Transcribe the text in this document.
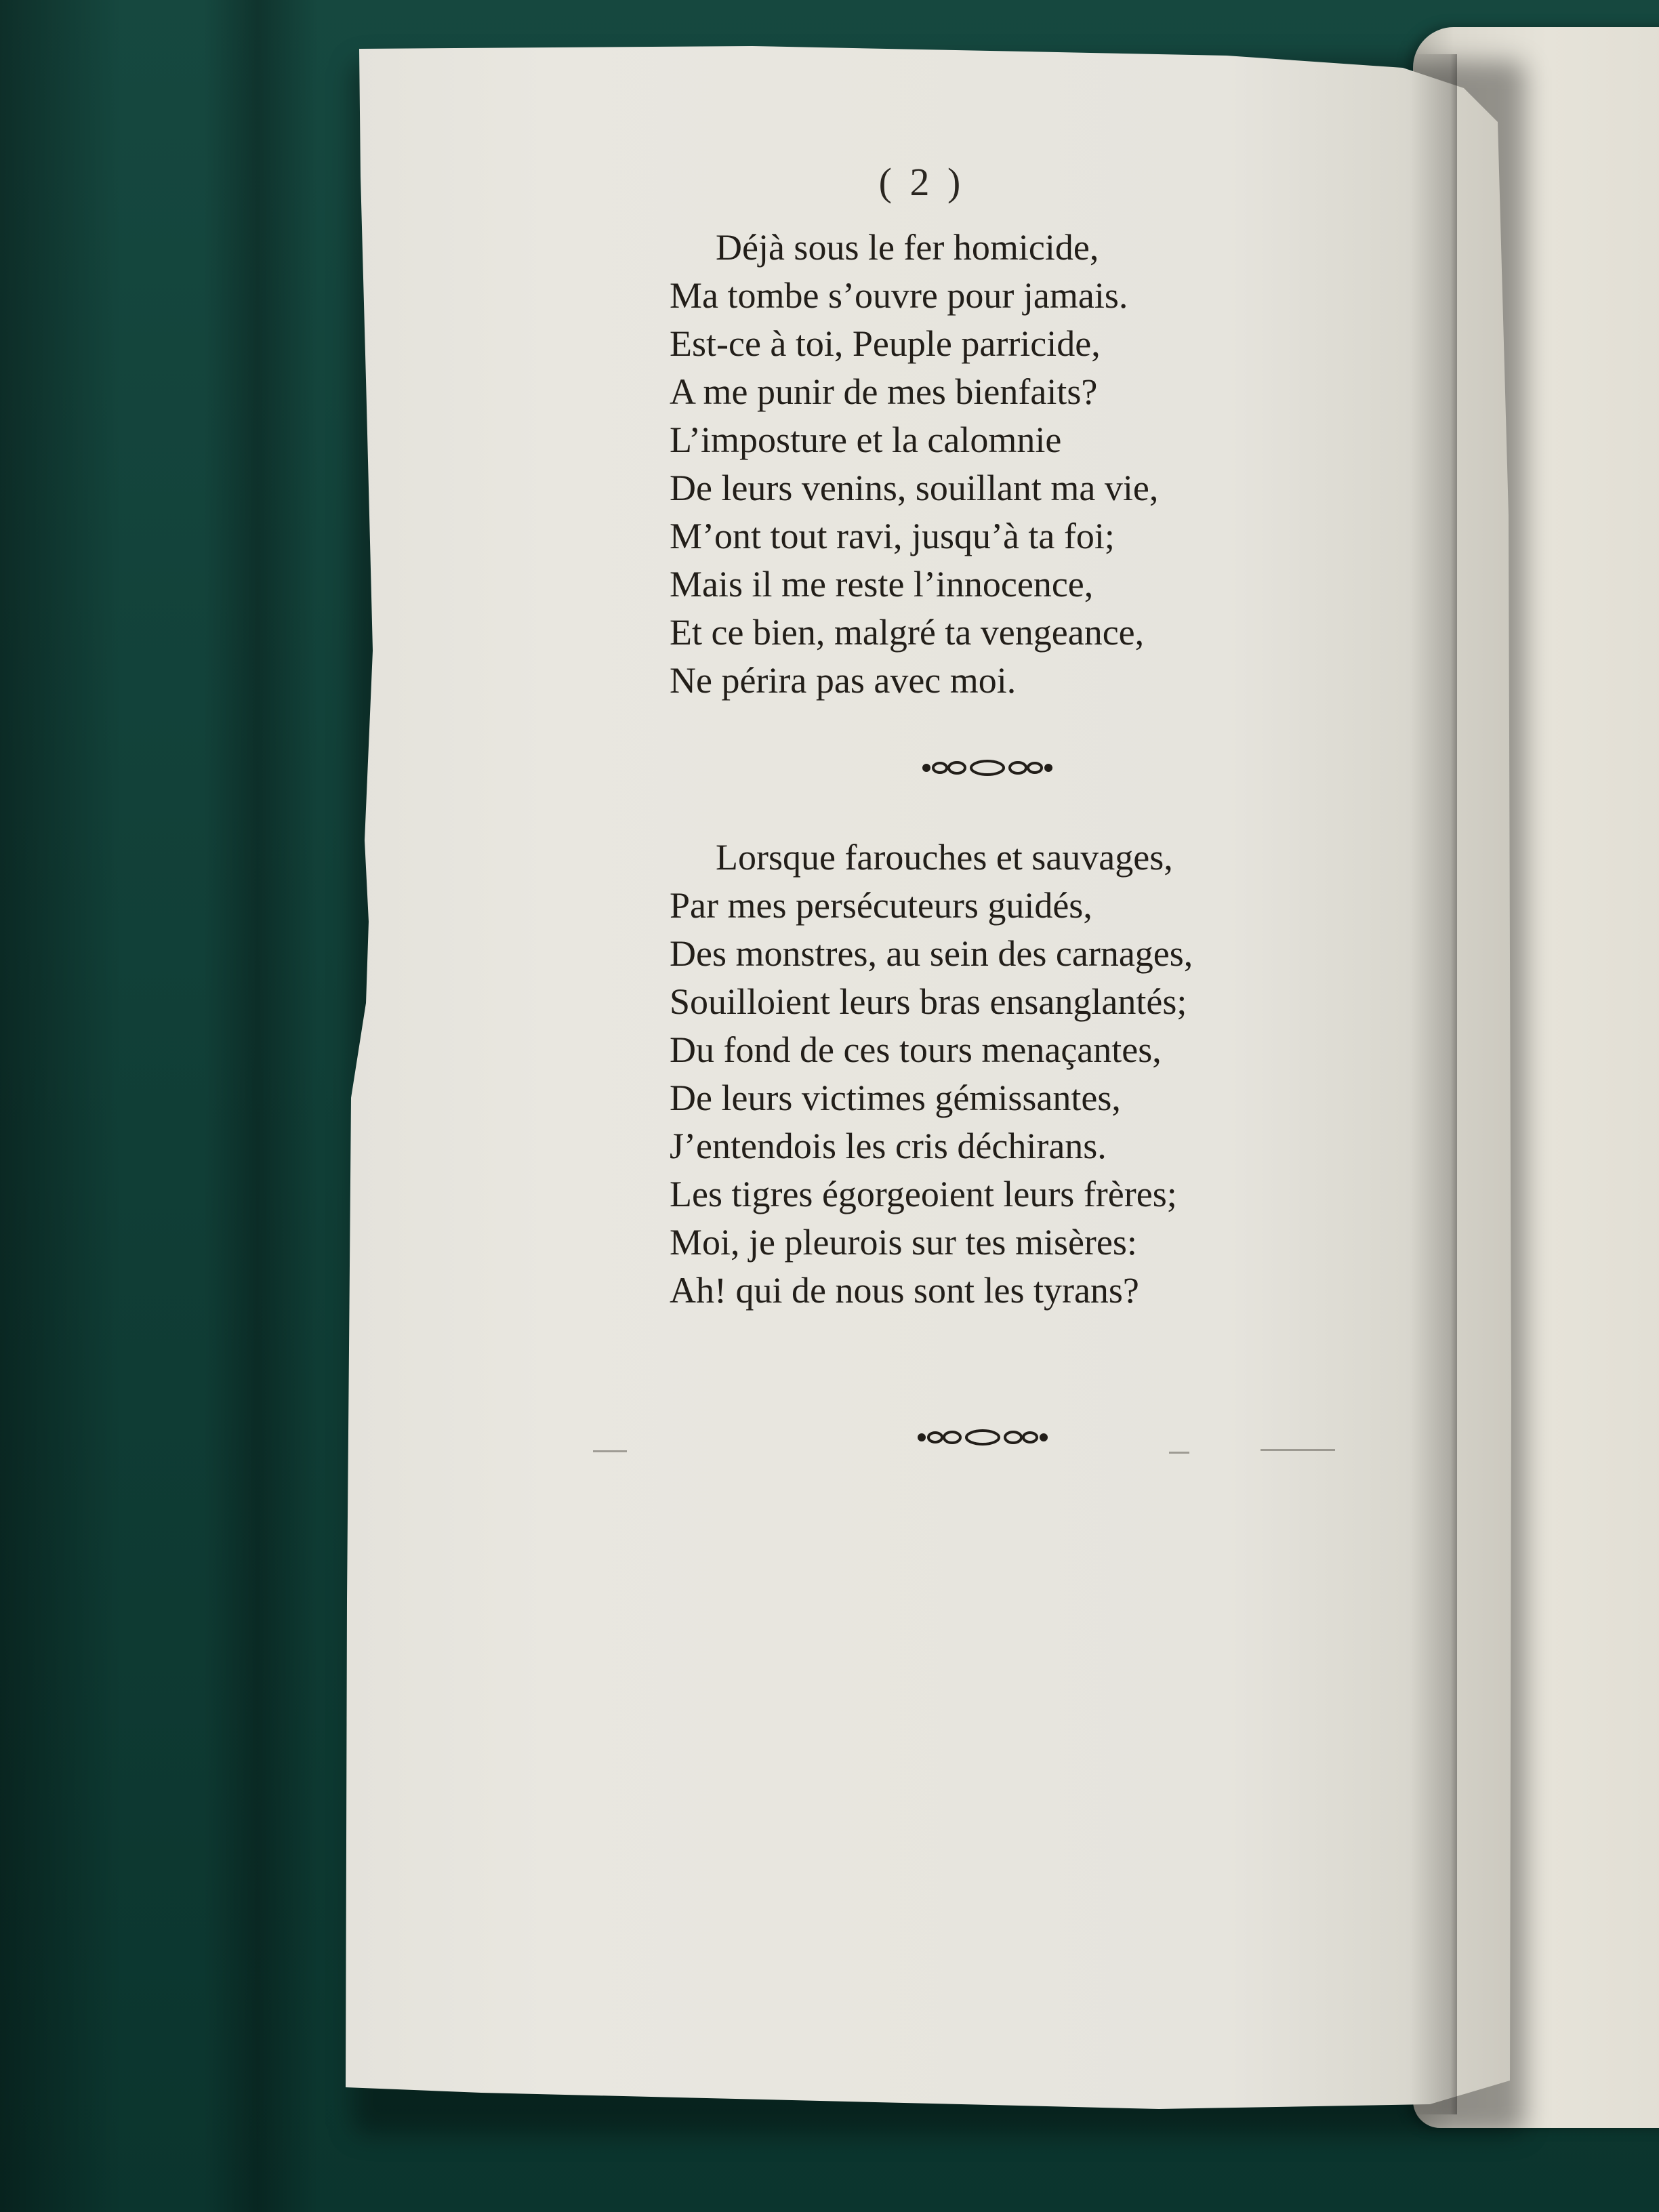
( 2 )
Déjà sous le fer homicide,
Ma tombe s’ouvre pour jamais.
Est-ce à toi, Peuple parricide,
A me punir de mes bienfaits?
L’imposture et la calomnie
De leurs venins, souillant ma vie,
M’ont tout ravi, jusqu’à ta foi;
Mais il me reste l’innocence,
Et ce bien, malgré ta vengeance,
Ne périra pas avec moi.
Lorsque farouches et sauvages,
Par mes persécuteurs guidés,
Des monstres, au sein des carnages,
Souilloient leurs bras ensanglantés;
Du fond de ces tours menaçantes,
De leurs victimes gémissantes,
J’entendois les cris déchirans.
Les tigres égorgeoient leurs frères;
Moi, je pleurois sur tes misères:
Ah! qui de nous sont les tyrans?
